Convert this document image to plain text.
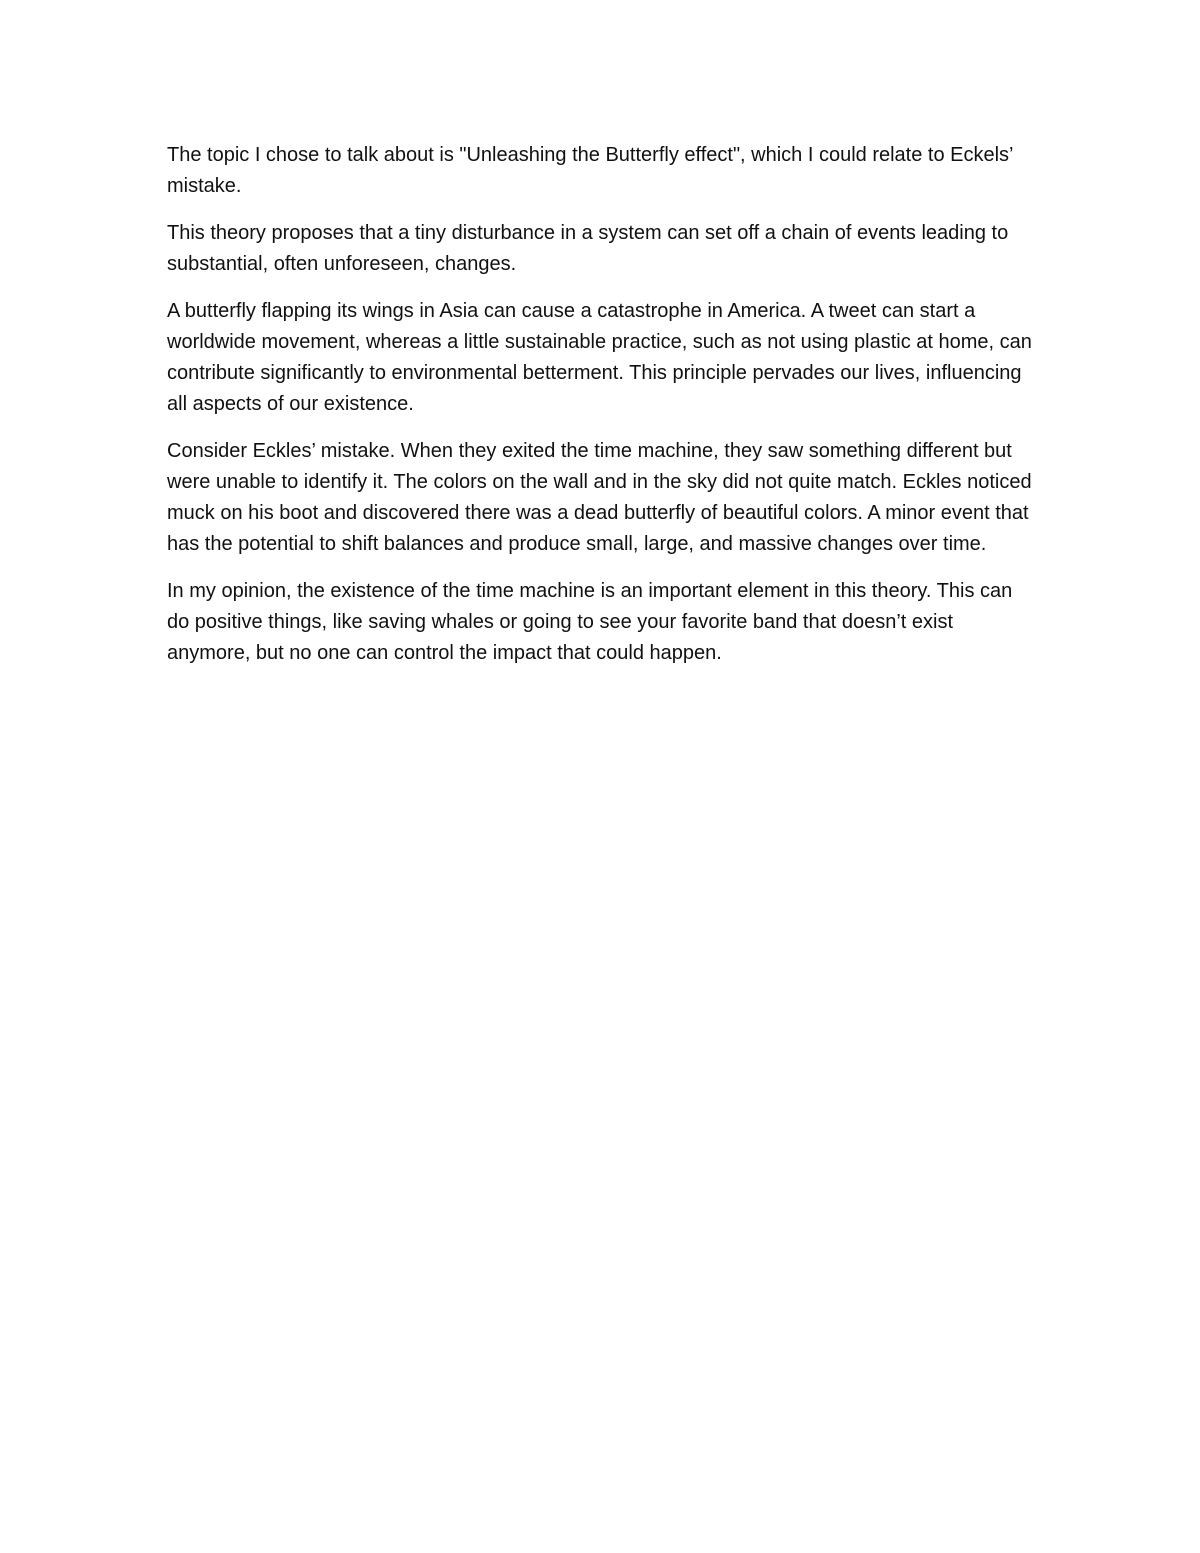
The topic I chose to talk about is "Unleashing the Butterfly effect", which I could relate to Eckels’ mistake.

This theory proposes that a tiny disturbance in a system can set off a chain of events leading to substantial, often unforeseen, changes.

A butterfly flapping its wings in Asia can cause a catastrophe in America. A tweet can start a worldwide movement, whereas a little sustainable practice, such as not using plastic at home, can contribute significantly to environmental betterment. This principle pervades our lives, influencing all aspects of our existence.

Consider Eckles’ mistake. When they exited the time machine, they saw something different but were unable to identify it. The colors on the wall and in the sky did not quite match. Eckles noticed muck on his boot and discovered there was a dead butterfly of beautiful colors. A minor event that has the potential to shift balances and produce small, large, and massive changes over time.

In my opinion, the existence of the time machine is an important element in this theory. This can do positive things, like saving whales or going to see your favorite band that doesn’t exist anymore, but no one can control the impact that could happen.
